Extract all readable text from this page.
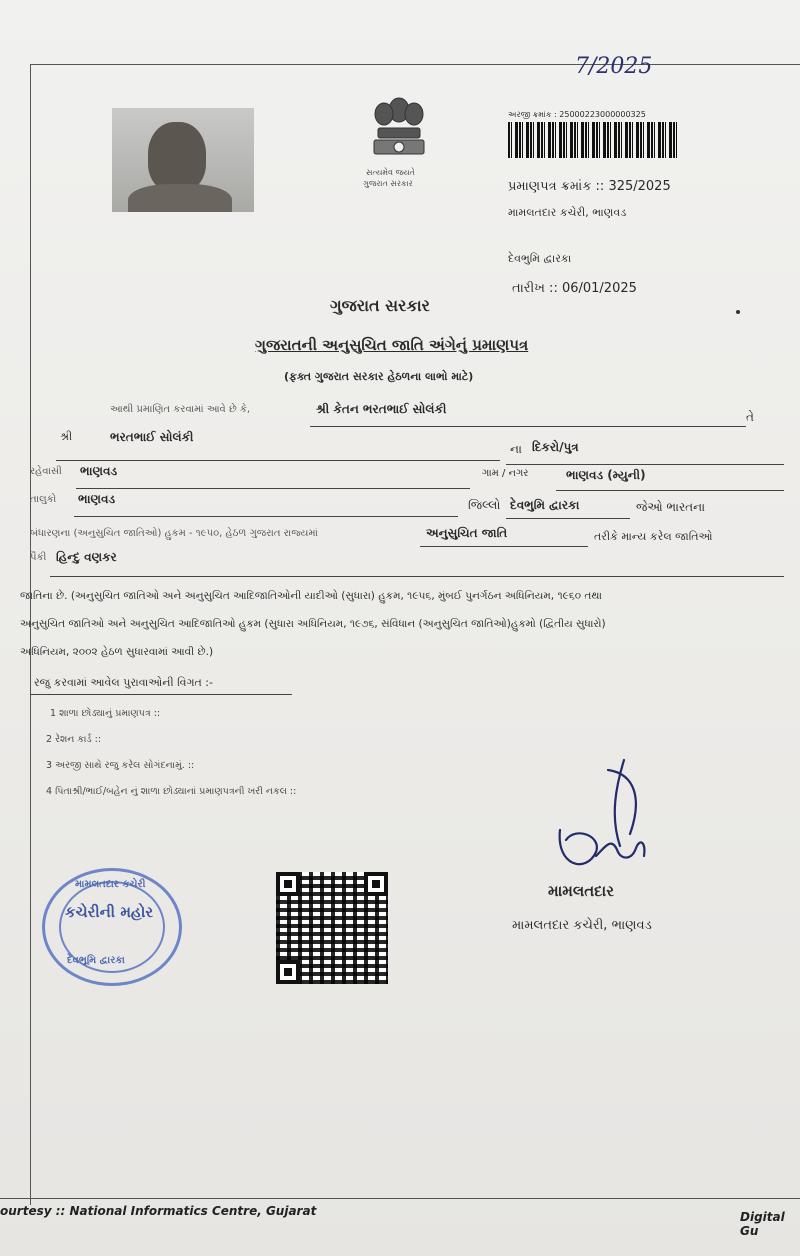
7/2025
સત્યમેવ જયતે
ગુજરાત સરકાર
અરજી ક્રમાંક : 25000223000000325
પ્રમાણપત્ર ક્રમાંક :: 325/2025
મામલતદાર કચેરી, ભાણવડ
દેવભુમિ દ્વારકા
તારીખ :: 06/01/2025
ગુજરાત સરકાર
ગુજરાતની અનુસુચિત જાતિ અંગેનું પ્રમાણપત્ર
(ફક્ત ગુજરાત સરકાર હેઠળના લાભો માટે)
આથી પ્રમાણિત કરવામાં આવે છે કે,	શ્રી કેતન ભરતભાઈ સોલંકી
તે
શ્રી	ભરતભાઈ સોલંકી
ના દિકરો/પુત્ર
રહેવાસી ભાણવડ	ગામ / નગર	ભાણવડ (મ્યુની)
તાલુકો ભાણવડ	જિલ્લો દેવભુમિ દ્વારકા	જેઓ ભારતના
બંધારણના (અનુસુચિત જાતિઓ) હુકમ - ૧૯૫૦, હેઠળ ગુજરાત રાજ્યમાં	અનુસુચિત જાતિ	તરીકે માન્ય કરેલ જાતિઓ
પૈકી હિન્દુ વણકર
જાતિના છે. (અનુસુચિત જાતિઓ અને અનુસુચિત આદિજાતિઓની યાદીઓ (સુધારા) હુકમ, ૧૯૫૬, મુંબઈ પુનર્ગઠન અધિનિયમ, ૧૯૬૦ તથા
અનુસુચિત જાતિઓ અને અનુસુચિત આદિજાતિઓ હુકમ (સુધારા અધિનિયમ, ૧૯૭૬, સંવિધાન (અનુસુચિત જાતિઓ)હુકમો (દ્વિતીય સુધારો)
અધિનિયમ, ૨૦૦૨ હેઠળ સુધારવામાં આવી છે.)
રજુ કરવામાં આવેલ પુરાવાઓની વિગત :-
1 શાળા છોડ્યાનું પ્રમાણપત્ર ::
2 રેશન કાર્ડ ::
3 અરજી સાથે રજુ કરેલ સોગંદનામું. ::
4 પિતાશ્રી/ભાઈ/બહેન નું શાળા છોડ્યાનાં પ્રમાણપત્રની ખરી નકલ ::
મામલતદાર કચેરી
કચેરીની મહોર
દેવભૂમિ દ્વારકા
મામલતદાર
મામલતદાર કચેરી, ભાણવડ
ourtesy :: National Informatics Centre, Gujarat	Digital Gu
